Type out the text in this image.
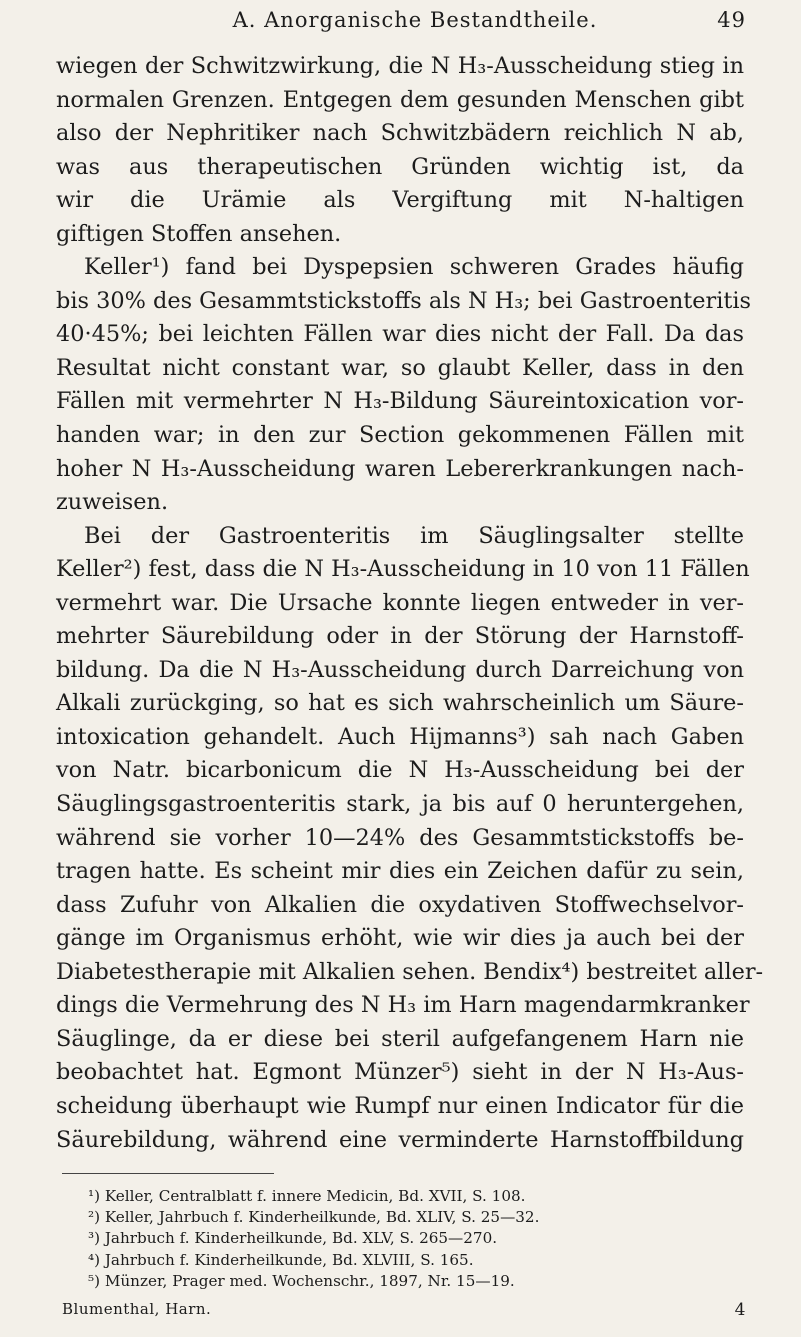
A. Anorganische Bestandtheile.	49
wiegen der Schwitzwirkung, die N H₃-Ausscheidung stieg in
normalen Grenzen. Entgegen dem gesunden Menschen gibt
also der Nephritiker nach Schwitzbädern reichlich N ab,
was aus therapeutischen Gründen wichtig ist, da
wir die Urämie als Vergiftung mit N-haltigen
giftigen Stoffen ansehen.
Keller¹) fand bei Dyspepsien schweren Grades häufig
bis 30% des Gesammtstickstoffs als N H₃; bei Gastroenteritis
40·45%; bei leichten Fällen war dies nicht der Fall. Da das
Resultat nicht constant war, so glaubt Keller, dass in den
Fällen mit vermehrter N H₃-Bildung Säureintoxication vor-
handen war; in den zur Section gekommenen Fällen mit
hoher N H₃-Ausscheidung waren Lebererkrankungen nach-
zuweisen.
Bei der Gastroenteritis im Säuglingsalter stellte
Keller²) fest, dass die N H₃-Ausscheidung in 10 von 11 Fällen
vermehrt war. Die Ursache konnte liegen entweder in ver-
mehrter Säurebildung oder in der Störung der Harnstoff-
bildung. Da die N H₃-Ausscheidung durch Darreichung von
Alkali zurückging, so hat es sich wahrscheinlich um Säure-
intoxication gehandelt. Auch Hijmanns³) sah nach Gaben
von Natr. bicarbonicum die N H₃-Ausscheidung bei der
Säuglingsgastroenteritis stark, ja bis auf 0 heruntergehen,
während sie vorher 10—24% des Gesammtstickstoffs be-
tragen hatte. Es scheint mir dies ein Zeichen dafür zu sein,
dass Zufuhr von Alkalien die oxydativen Stoffwechselvor-
gänge im Organismus erhöht, wie wir dies ja auch bei der
Diabetestherapie mit Alkalien sehen. Bendix⁴) bestreitet aller-
dings die Vermehrung des N H₃ im Harn magendarmkranker
Säuglinge, da er diese bei steril aufgefangenem Harn nie
beobachtet hat. Egmont Münzer⁵) sieht in der N H₃-Aus-
scheidung überhaupt wie Rumpf nur einen Indicator für die
Säurebildung, während eine verminderte Harnstoffbildung
¹) Keller, Centralblatt f. innere Medicin, Bd. XVII, S. 108.
²) Keller, Jahrbuch f. Kinderheilkunde, Bd. XLIV, S. 25—32.
³) Jahrbuch f. Kinderheilkunde, Bd. XLV, S. 265—270.
⁴) Jahrbuch f. Kinderheilkunde, Bd. XLVIII, S. 165.
⁵) Münzer, Prager med. Wochenschr., 1897, Nr. 15—19.
Blumenthal, Harn.	4
